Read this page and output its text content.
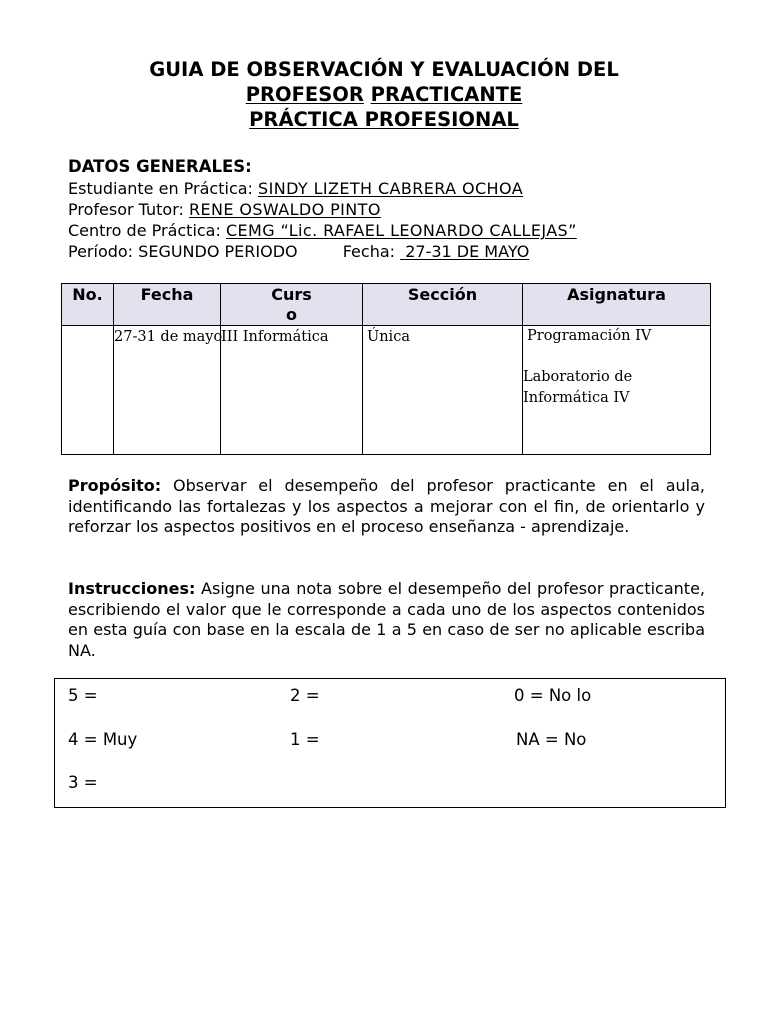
GUIA DE OBSERVACIÓN Y EVALUACIÓN DEL
PROFESOR PRACTICANTE
PRÁCTICA PROFESIONAL
DATOS GENERALES:
Estudiante en Práctica: SINDY LIZETH CABRERA OCHOA
Profesor Tutor: RENE OSWALDO PINTO
Centro de Práctica: CEMG “Lic. RAFAEL LEONARDO CALLEJAS”
Período: SEGUNDO PERIODO	Fecha:  27-31 DE MAYO
No.	Fecha	Curs o	Sección	Asignatura

	27-31 de mayo	III Informática	Única	Programación IV
Laboratorio de Informática IV
Propósito: Observar el desempeño del profesor practicante en el aula, identificando las fortalezas y los aspectos a mejorar con el fin, de orientarlo y reforzar los aspectos positivos en el proceso enseñanza - aprendizaje.
Instrucciones: Asigne una nota sobre el desempeño del profesor practicante, escribiendo el valor que le corresponde a cada uno de los aspectos contenidos en esta guía con base en la escala de 1 a 5 en caso de ser no aplicable escriba NA.
5 =	2 =	0 = No lo
4 = Muy	1 =	NA = No
3 =
